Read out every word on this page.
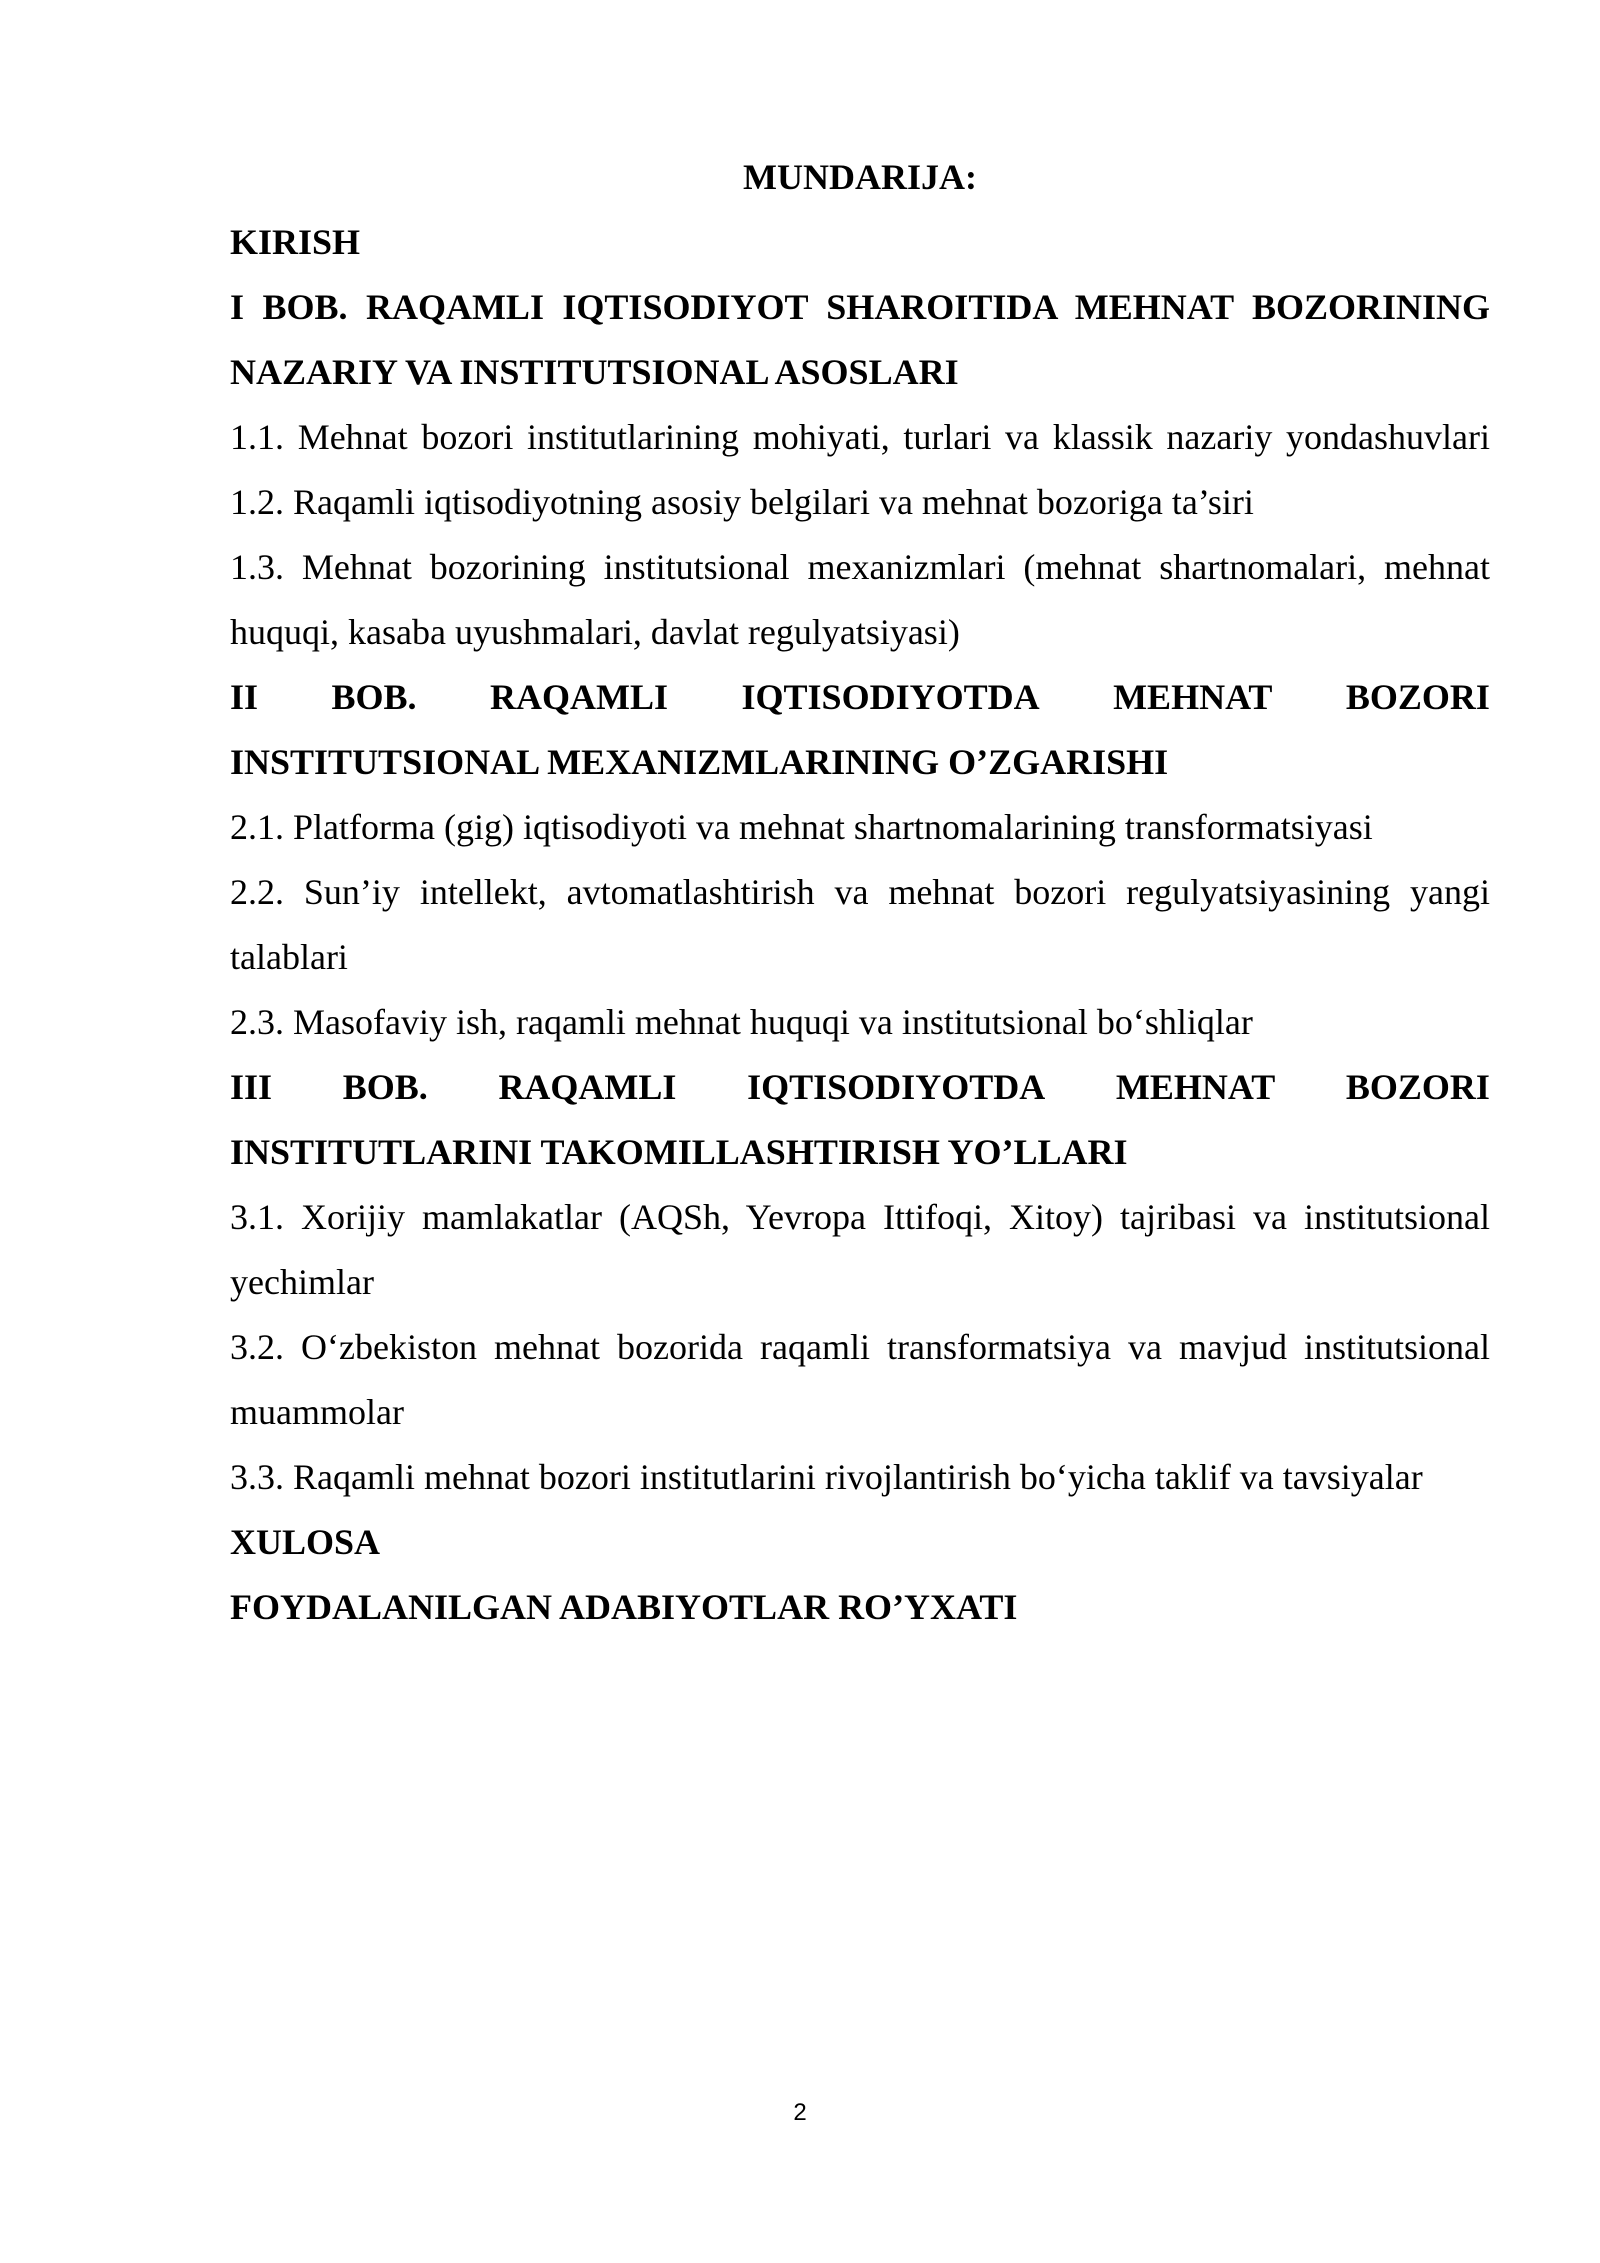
MUNDARIJA:
KIRISH
I BOB. RAQAMLI IQTISODIYOT SHAROITIDA MEHNAT BOZORINING
NAZARIY VA INSTITUTSIONAL ASOSLARI
1.1. Mehnat bozori institutlarining mohiyati, turlari va klassik nazariy yondashuvlari
1.2. Raqamli iqtisodiyotning asosiy belgilari va mehnat bozoriga ta’siri
1.3. Mehnat bozorining institutsional mexanizmlari (mehnat shartnomalari, mehnat
huquqi, kasaba uyushmalari, davlat regulyatsiyasi)
II BOB. RAQAMLI IQTISODIYOTDA MEHNAT BOZORI
INSTITUTSIONAL MEXANIZMLARINING O’ZGARISHI
2.1. Platforma (gig) iqtisodiyoti va mehnat shartnomalarining transformatsiyasi
2.2. Sun’iy intellekt, avtomatlashtirish va mehnat bozori regulyatsiyasining yangi
talablari
2.3. Masofaviy ish, raqamli mehnat huquqi va institutsional bo‘shliqlar
III BOB. RAQAMLI IQTISODIYOTDA MEHNAT BOZORI
INSTITUTLARINI TAKOMILLASHTIRISH YO’LLARI
3.1. Xorijiy mamlakatlar (AQSh, Yevropa Ittifoqi, Xitoy) tajribasi va institutsional
yechimlar
3.2. O‘zbekiston mehnat bozorida raqamli transformatsiya va mavjud institutsional
muammolar
3.3. Raqamli mehnat bozori institutlarini rivojlantirish bo‘yicha taklif va tavsiyalar
XULOSA
FOYDALANILGAN ADABIYOTLAR RO’YXATI
2
